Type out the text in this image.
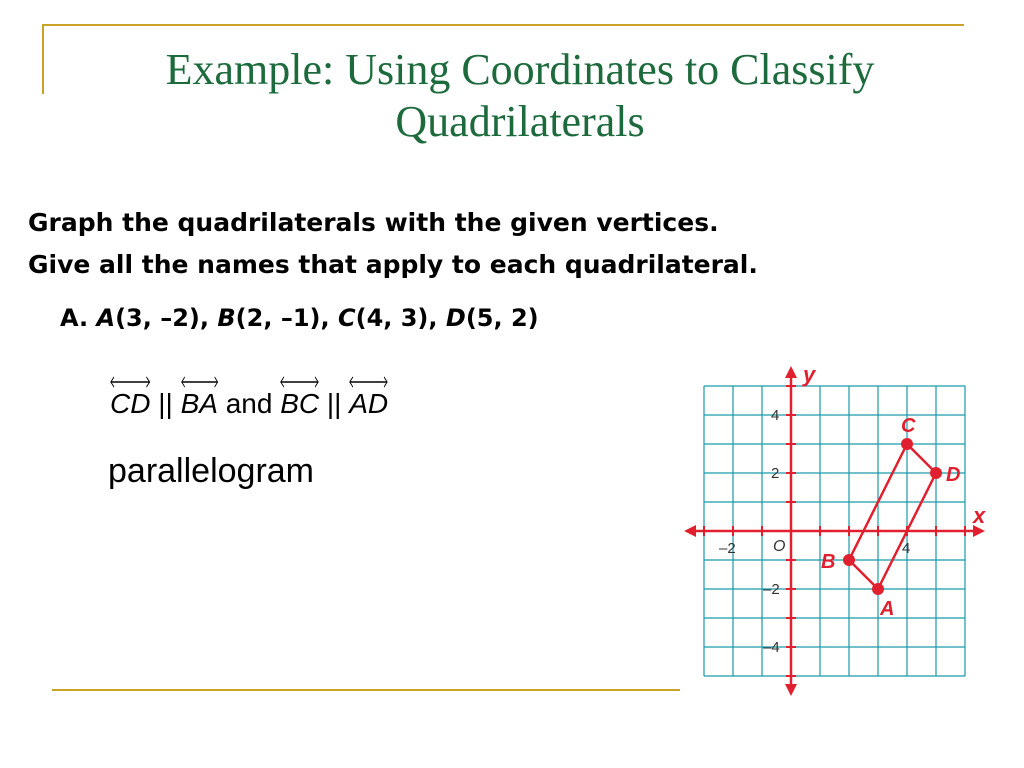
Example: Using Coordinates to Classify
Quadrilaterals
Graph the quadrilaterals with the given vertices.
Give all the names that apply to each quadrilateral.
A. A(3, –2), B(2, –1), C(4, 3), D(5, 2)
CD || BA and BC || AD
parallelogram
–2	4
4
2
–2
–4
O
x
y
A
B
C
D
